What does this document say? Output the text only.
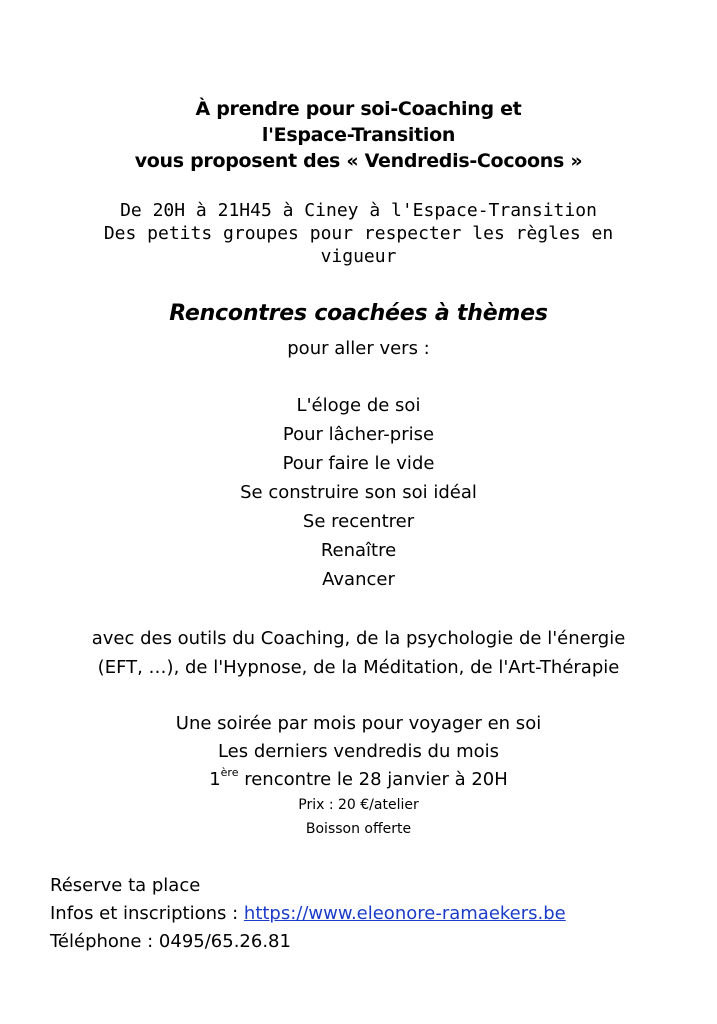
À prendre pour soi-Coaching et
l'Espace-Transition
vous proposent des « Vendredis-Cocoons »
De 20H à 21H45 à Ciney à l'Espace-Transition
Des petits groupes pour respecter les règles en
vigueur
Rencontres coachées à thèmes
pour aller vers :
L'éloge de soi
Pour lâcher-prise
Pour faire le vide
Se construire son soi idéal
Se recentrer
Renaître
Avancer
avec des outils du Coaching, de la psychologie de l'énergie
(EFT, …), de l'Hypnose, de la Méditation, de l'Art-Thérapie
Une soirée par mois pour voyager en soi
Les derniers vendredis du mois
1ère rencontre le 28 janvier à 20H
Prix : 20 €/atelier
Boisson offerte
Réserve ta place
Infos et inscriptions : https://www.eleonore-ramaekers.be
Téléphone : 0495/65.26.81
